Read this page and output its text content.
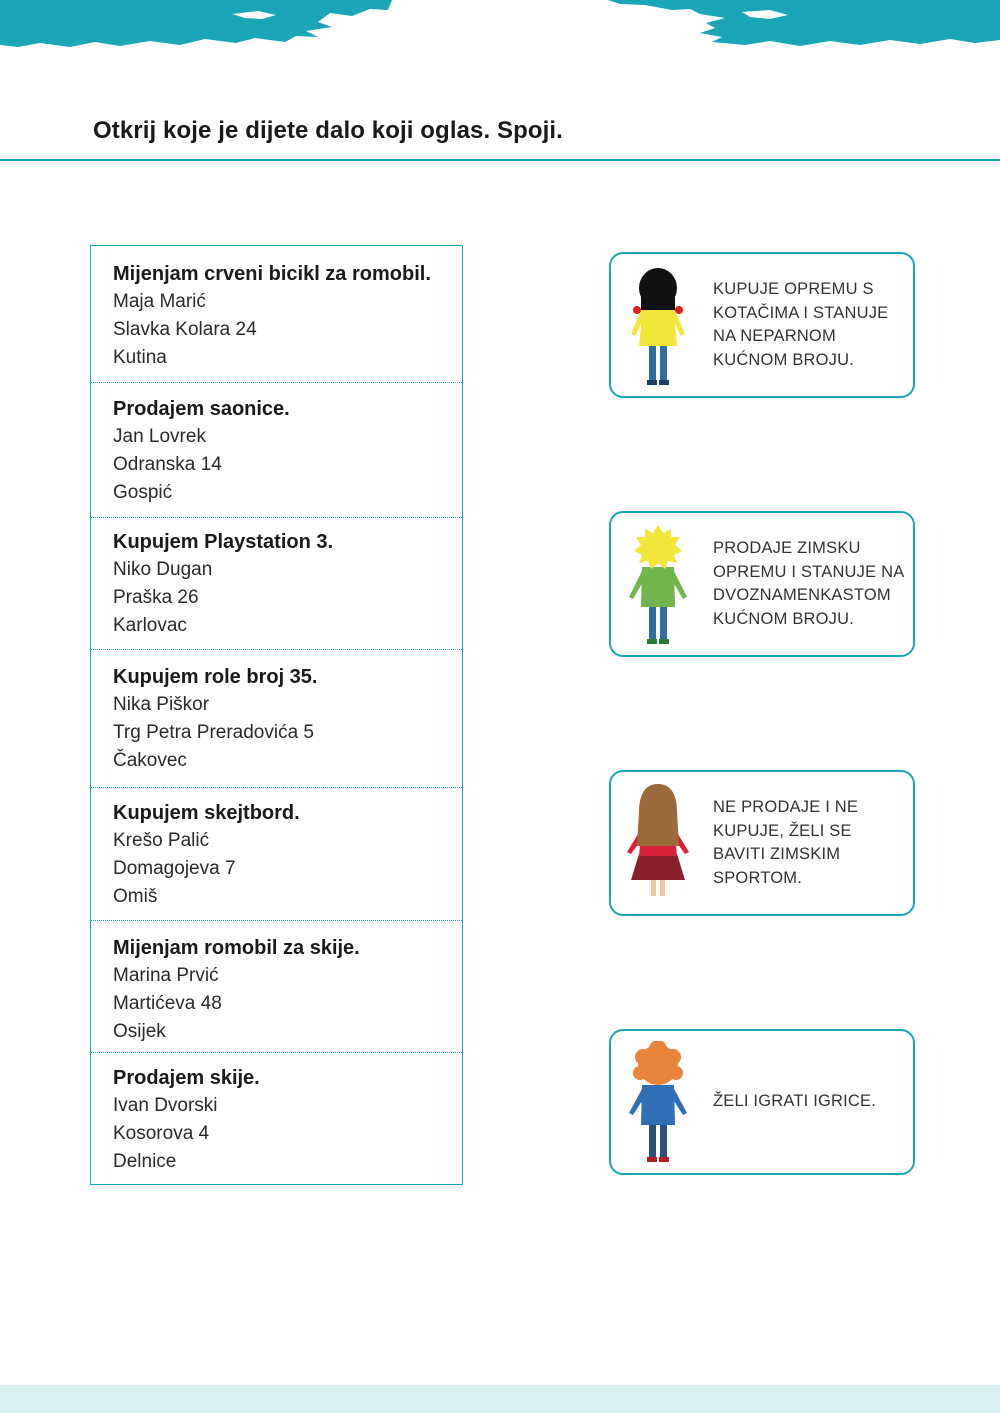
Otkrij koje je dijete dalo koji oglas. Spoji.

Mijenjam crveni bicikl za romobil.

Maja Marić

Slavka Kolara 24

Kutina

Prodajem saonice.

Jan Lovrek

Odranska 14

Gospić

Kupujem Playstation 3.

Niko Dugan

Praška 26

Karlovac

Kupujem role broj 35.

Nika Piškor

Trg Petra Preradovića 5

Čakovec

Kupujem skejtbord.

Krešo Palić

Domagojeva 7

Omiš

Mijenjam romobil za skije.

Marina Prvić

Martićeva 48

Osijek

Prodajem skije.

Ivan Dvorski

Kosorova 4

Delnice

KUPUJE OPREMU S KOTAČIMA I STANUJE NA NEPARNOM KUĆNOM BROJU.

PRODAJE ZIMSKU OPREMU I STANUJE NA DVOZNAMENKASTOM KUĆNOM BROJU.

NE PRODAJE I NE KUPUJE, ŽELI SE BAVITI ZIMSKIM SPORTOM.

ŽELI IGRATI IGRICE.
